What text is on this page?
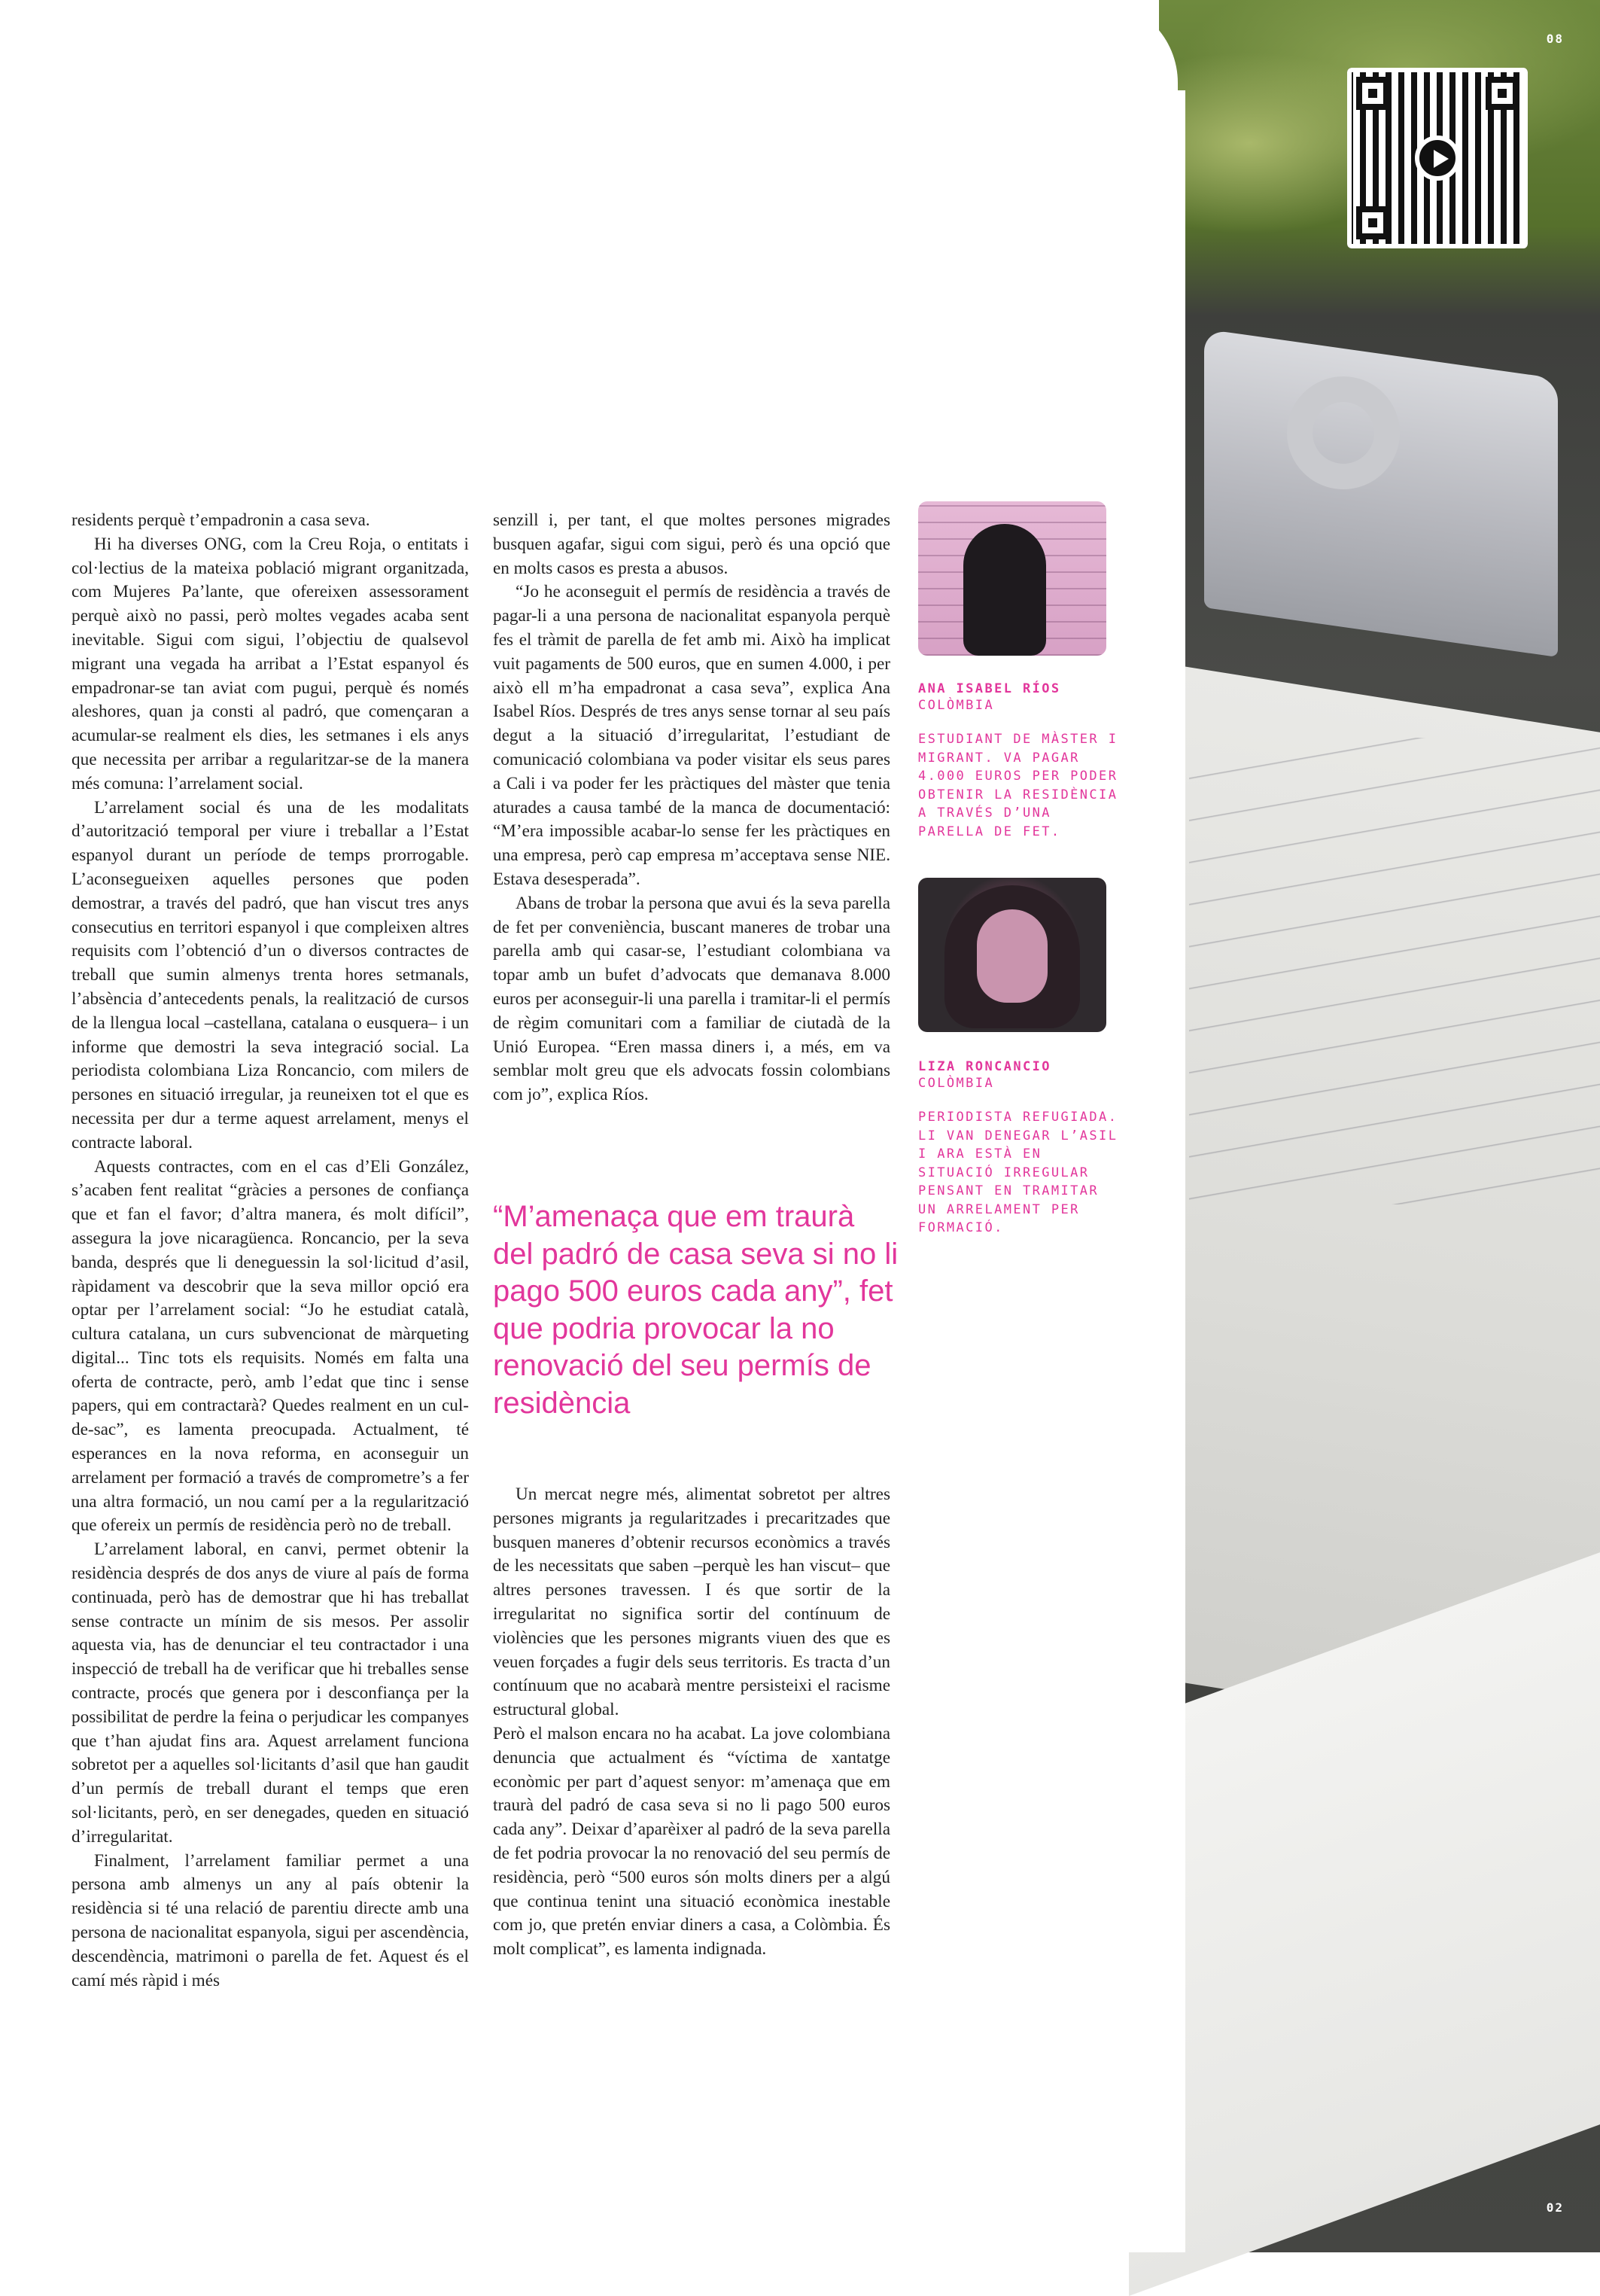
08
02

residents perquè t’empadronin a casa seva.

Hi ha diverses ONG, com la Creu Roja, o entitats i col·lectius de la mateixa població migrant organitzada, com Mujeres Pa’lante, que ofereixen assessorament perquè això no passi, però moltes vegades acaba sent inevitable. Sigui com sigui, l’objectiu de qualsevol migrant una vegada ha arribat a l’Estat espanyol és empadronar-se tan aviat com pugui, perquè és només aleshores, quan ja consti al padró, que començaran a acumular-se realment els dies, les setmanes i els anys que necessita per arribar a regularitzar-se de la manera més comuna: l’arrelament social.

L’arrelament social és una de les modalitats d’autorització temporal per viure i treballar a l’Estat espanyol durant un període de temps prorrogable. L’aconsegueixen aquelles persones que poden demostrar, a través del padró, que han viscut tres anys consecutius en territori espanyol i que compleixen altres requisits com l’obtenció d’un o diversos contractes de treball que sumin almenys trenta hores setmanals, l’absència d’antecedents penals, la realització de cursos de la llengua local –castellana, catalana o eusquera– i un informe que demostri la seva integració social. La periodista colombiana Liza Roncancio, com milers de persones en situació irregular, ja reuneixen tot el que es necessita per dur a terme aquest arrelament, menys el contracte laboral.

Aquests contractes, com en el cas d’Eli González, s’acaben fent realitat “gràcies a persones de confiança que et fan el favor; d’altra manera, és molt difícil”, assegura la jove nicaragüenca. Roncancio, per la seva banda, després que li deneguessin la sol·licitud d’asil, ràpidament va descobrir que la seva millor opció era optar per l’arrelament social: “Jo he estudiat català, cultura catalana, un curs subvencionat de màrqueting digital... Tinc tots els requisits. Només em falta una oferta de contracte, però, amb l’edat que tinc i sense papers, qui em contractarà? Quedes realment en un cul-de-sac”, es lamenta preocupada. Actualment, té esperances en la nova reforma, en aconseguir un arrelament per formació a través de comprometre’s a fer una altra formació, un nou camí per a la regularització que ofereix un permís de residència però no de treball.

L’arrelament laboral, en canvi, permet obtenir la residència després de dos anys de viure al país de forma continuada, però has de demostrar que hi has treballat sense contracte un mínim de sis mesos. Per assolir aquesta via, has de denunciar el teu contractador i una inspecció de treball ha de verificar que hi treballes sense contracte, procés que genera por i desconfiança per la possibilitat de perdre la feina o perjudicar les companyes que t’han ajudat fins ara. Aquest arrelament funciona sobretot per a aquelles sol·licitants d’asil que han gaudit d’un permís de treball durant el temps que eren sol·licitants, però, en ser denegades, queden en situació d’irregularitat.

Finalment, l’arrelament familiar permet a una persona amb almenys un any al país obtenir la residència si té una relació de parentiu directe amb una persona de nacionalitat espanyola, sigui per ascendència, descendència, matrimoni o parella de fet. Aquest és el camí més ràpid i més

senzill i, per tant, el que moltes persones migrades busquen agafar, sigui com sigui, però és una opció que en molts casos es presta a abusos.

“Jo he aconseguit el permís de residència a través de pagar-li a una persona de nacionalitat espanyola perquè fes el tràmit de parella de fet amb mi. Això ha implicat vuit pagaments de 500 euros, que en sumen 4.000, i per això ell m’ha empadronat a casa seva”, explica Ana Isabel Ríos. Després de tres anys sense tornar al seu país degut a la situació d’irregularitat, l’estudiant de comunicació colombiana va poder visitar els seus pares a Cali i va poder fer les pràctiques del màster que tenia aturades a causa també de la manca de documentació: “M’era impossible acabar-lo sense fer les pràctiques en una empresa, però cap empresa m’acceptava sense NIE. Estava desesperada”.

Abans de trobar la persona que avui és la seva parella de fet per conveniència, buscant maneres de trobar una parella amb qui casar-se, l’estudiant colombiana va topar amb un bufet d’advocats que demanava 8.000 euros per aconseguir-li una parella i tramitar-li el permís de règim comunitari com a familiar de ciutadà de la Unió Europea. “Eren massa diners i, a més, em va semblar molt greu que els advocats fossin colombians com jo”, explica Ríos.

“M’amenaça que em traurà del padró de casa seva si no li pago 500 euros cada any”, fet que podria provocar la no renovació del seu permís de residència

Un mercat negre més, alimentat sobretot per altres persones migrants ja regularitzades i precaritzades que busquen maneres d’obtenir recursos econòmics a través de les necessitats que saben –perquè les han viscut– que altres persones travessen. I és que sortir de la irregularitat no significa sortir del contínuum de violències que les persones migrants viuen des que es veuen forçades a fugir dels seus territoris. Es tracta d’un contínuum que no acabarà mentre persisteixi el racisme estructural global.

Però el malson encara no ha acabat. La jove colombiana denuncia que actualment és “víctima de xantatge econòmic per part d’aquest senyor: m’amenaça que em traurà del padró de casa seva si no li pago 500 euros cada any”. Deixar d’aparèixer al padró de la seva parella de fet podria provocar la no renovació del seu permís de residència, però “500 euros són molts diners per a algú que continua tenint una situació econòmica inestable com jo, que pretén enviar diners a casa, a Colòmbia. És molt complicat”, es lamenta indignada.

ANA ISABEL RÍOS
COLÒMBIA
ESTUDIANT DE MÀSTER I MIGRANT. VA PAGAR 4.000 EUROS PER PODER OBTENIR LA RESIDÈNCIA A TRAVÉS D’UNA PARELLA DE FET.
LIZA RONCANCIO
COLÒMBIA
PERIODISTA REFUGIADA. LI VAN DENEGAR L’ASIL I ARA ESTÀ EN SITUACIÓ IRREGULAR PENSANT EN TRAMITAR UN ARRELAMENT PER FORMACIÓ.
